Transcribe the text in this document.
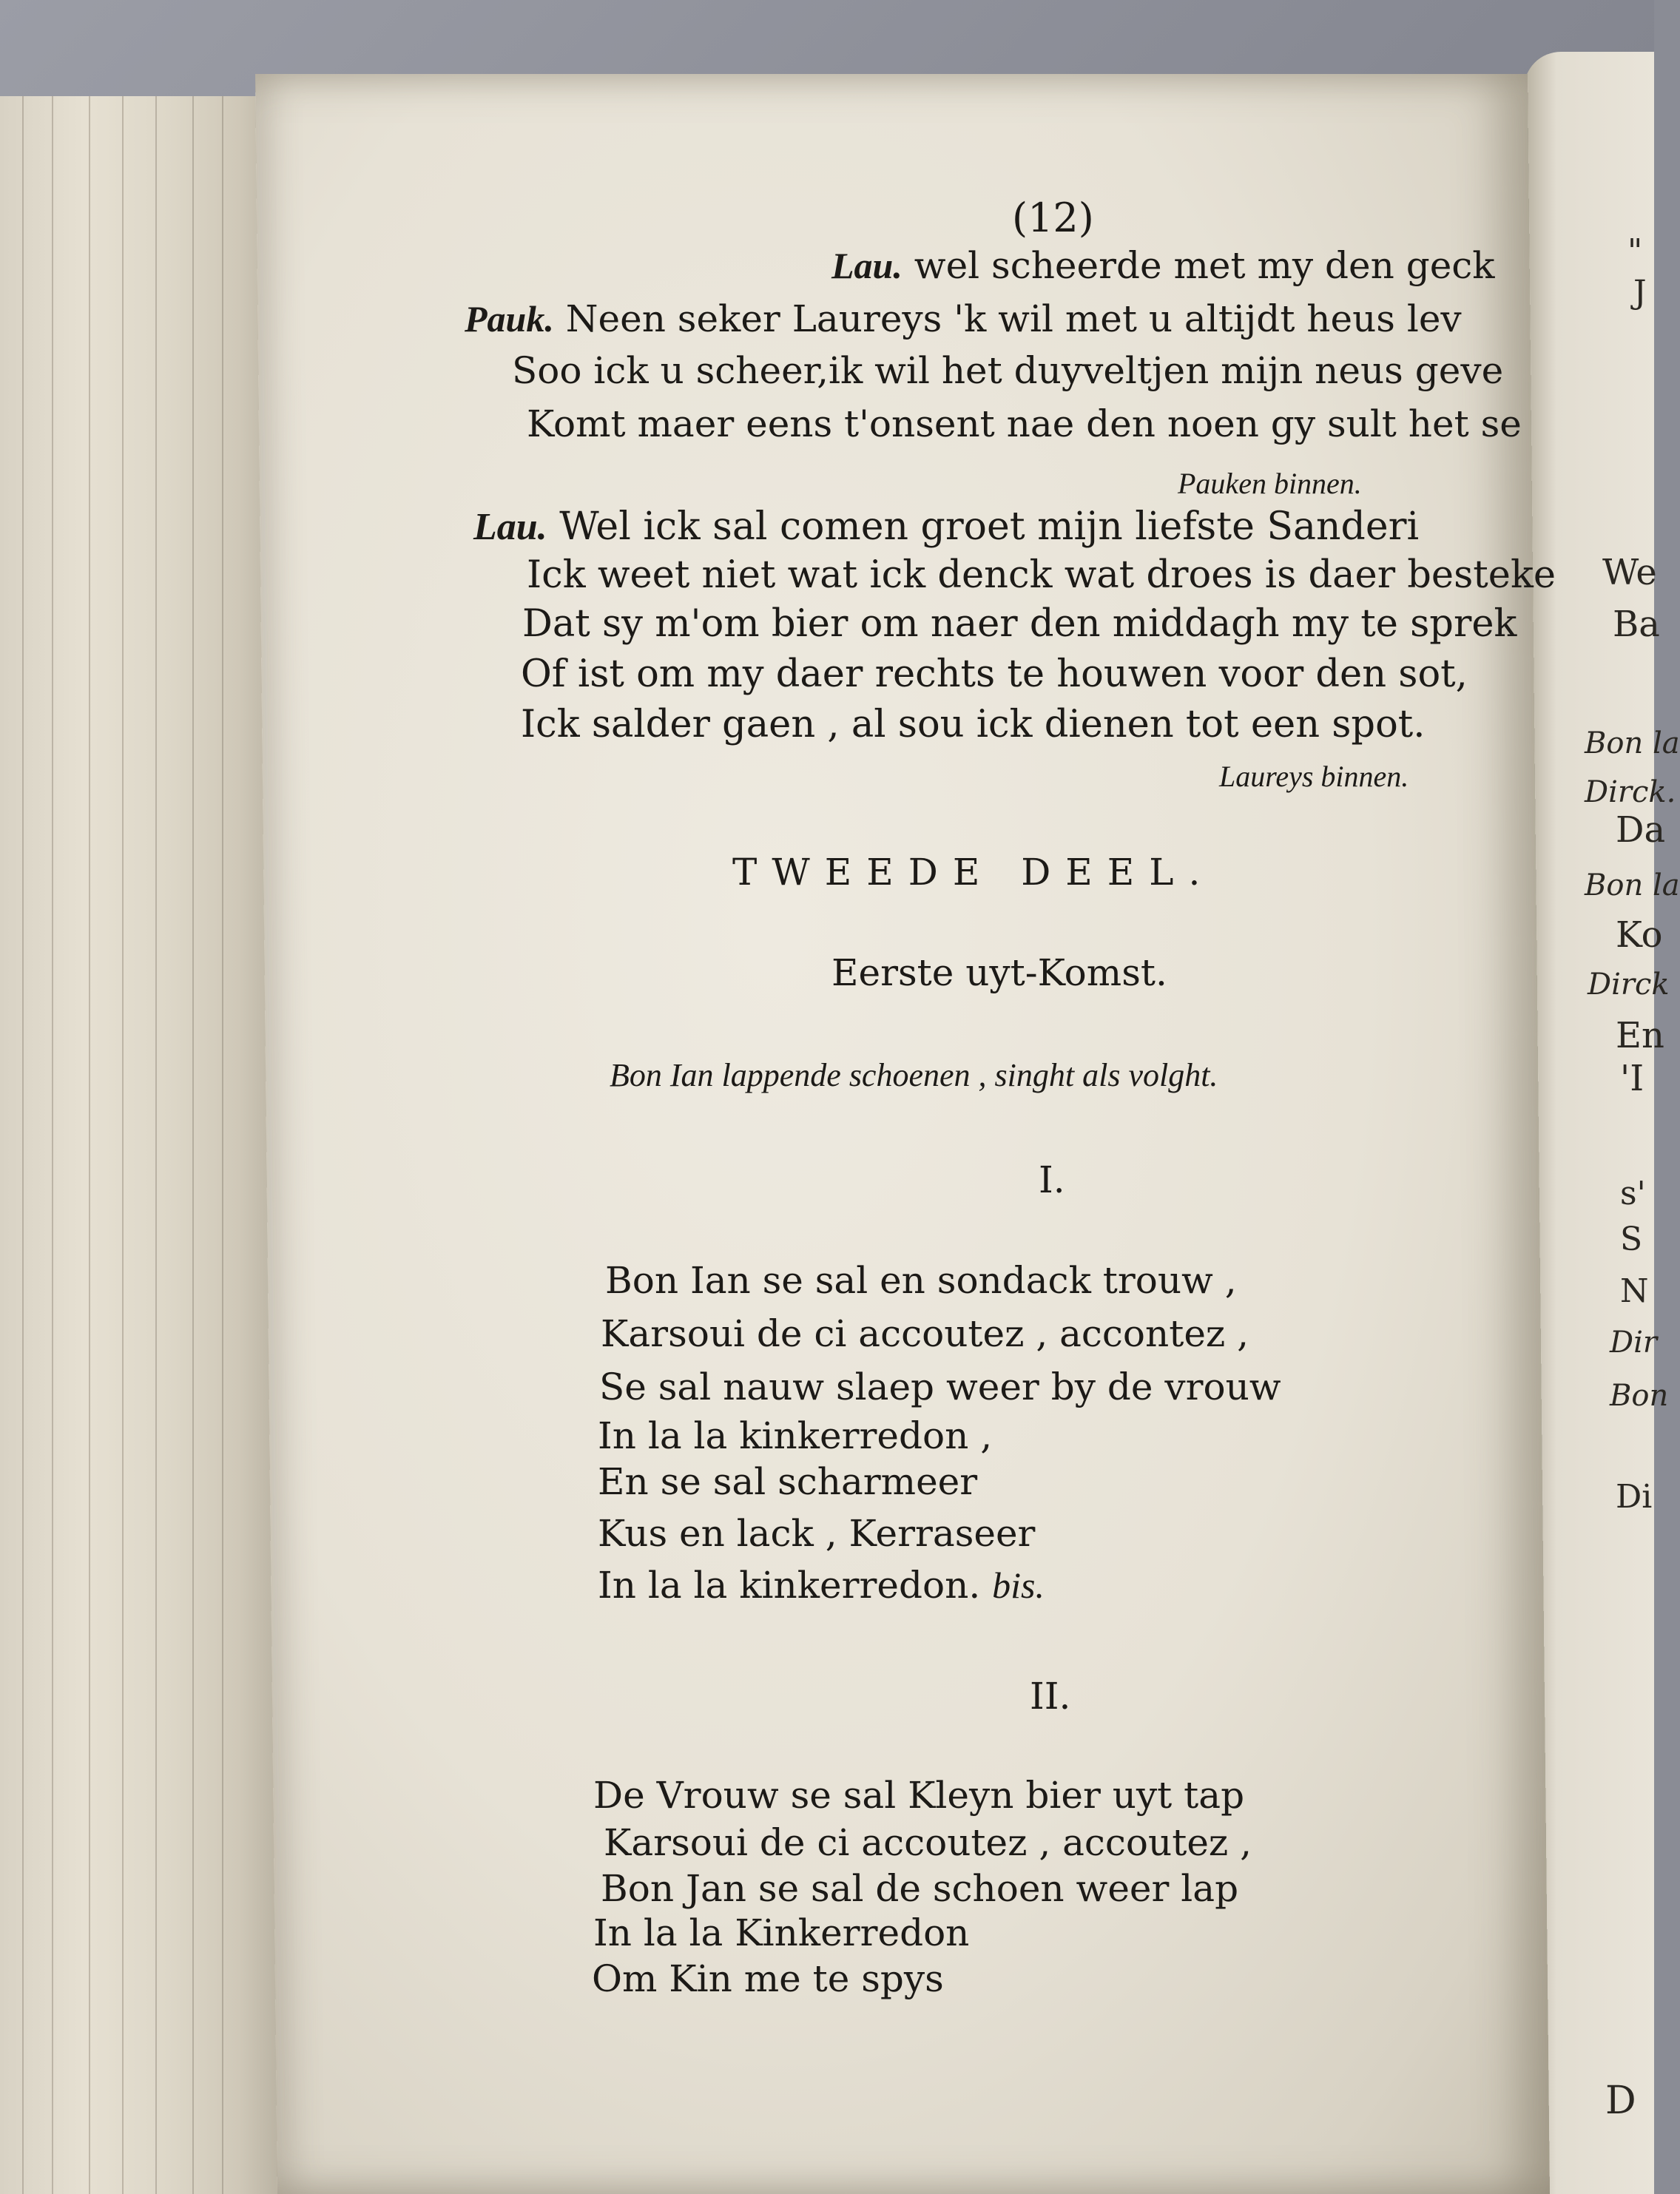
"
J
We
Ba
Bon la
Dirck.
Da
Bon la
Ko
Dirck
En
'I
s'
S
N
Dir
Bon
Di
D
(12)
Lau. wel scheerde met my den geck
Pauk. Neen seker Laureys 'k wil met u altijdt heus lev
Soo ick u scheer,ik wil het duyveltjen mijn neus geve
Komt maer eens t'onsent nae den noen gy sult het se
Pauken binnen.
Lau. Wel ick sal comen groet mijn liefste Sanderi
Ick weet niet wat ick denck wat droes is daer besteke
Dat sy m'om bier om naer den middagh my te sprek
Of ist om my daer rechts te houwen voor den sot,
Ick salder gaen , al sou ick dienen tot een spot.
Laureys binnen.
TWEEDE DEEL.
Eerste uyt-Komst.
Bon Ian lappende schoenen , singht als volght.
I.
Bon Ian se sal en sondack trouw ,
Karsoui de ci accoutez , accontez ,
Se sal nauw slaep weer by de vrouw
In la la kinkerredon ,
En se sal scharmeer
Kus en lack , Kerraseer
In la la kinkerredon. bis.
II.
De Vrouw se sal Kleyn bier uyt tap
Karsoui de ci accoutez , accoutez ,
Bon Jan se sal de schoen weer lap
In la la Kinkerredon
Om Kin me te spys
